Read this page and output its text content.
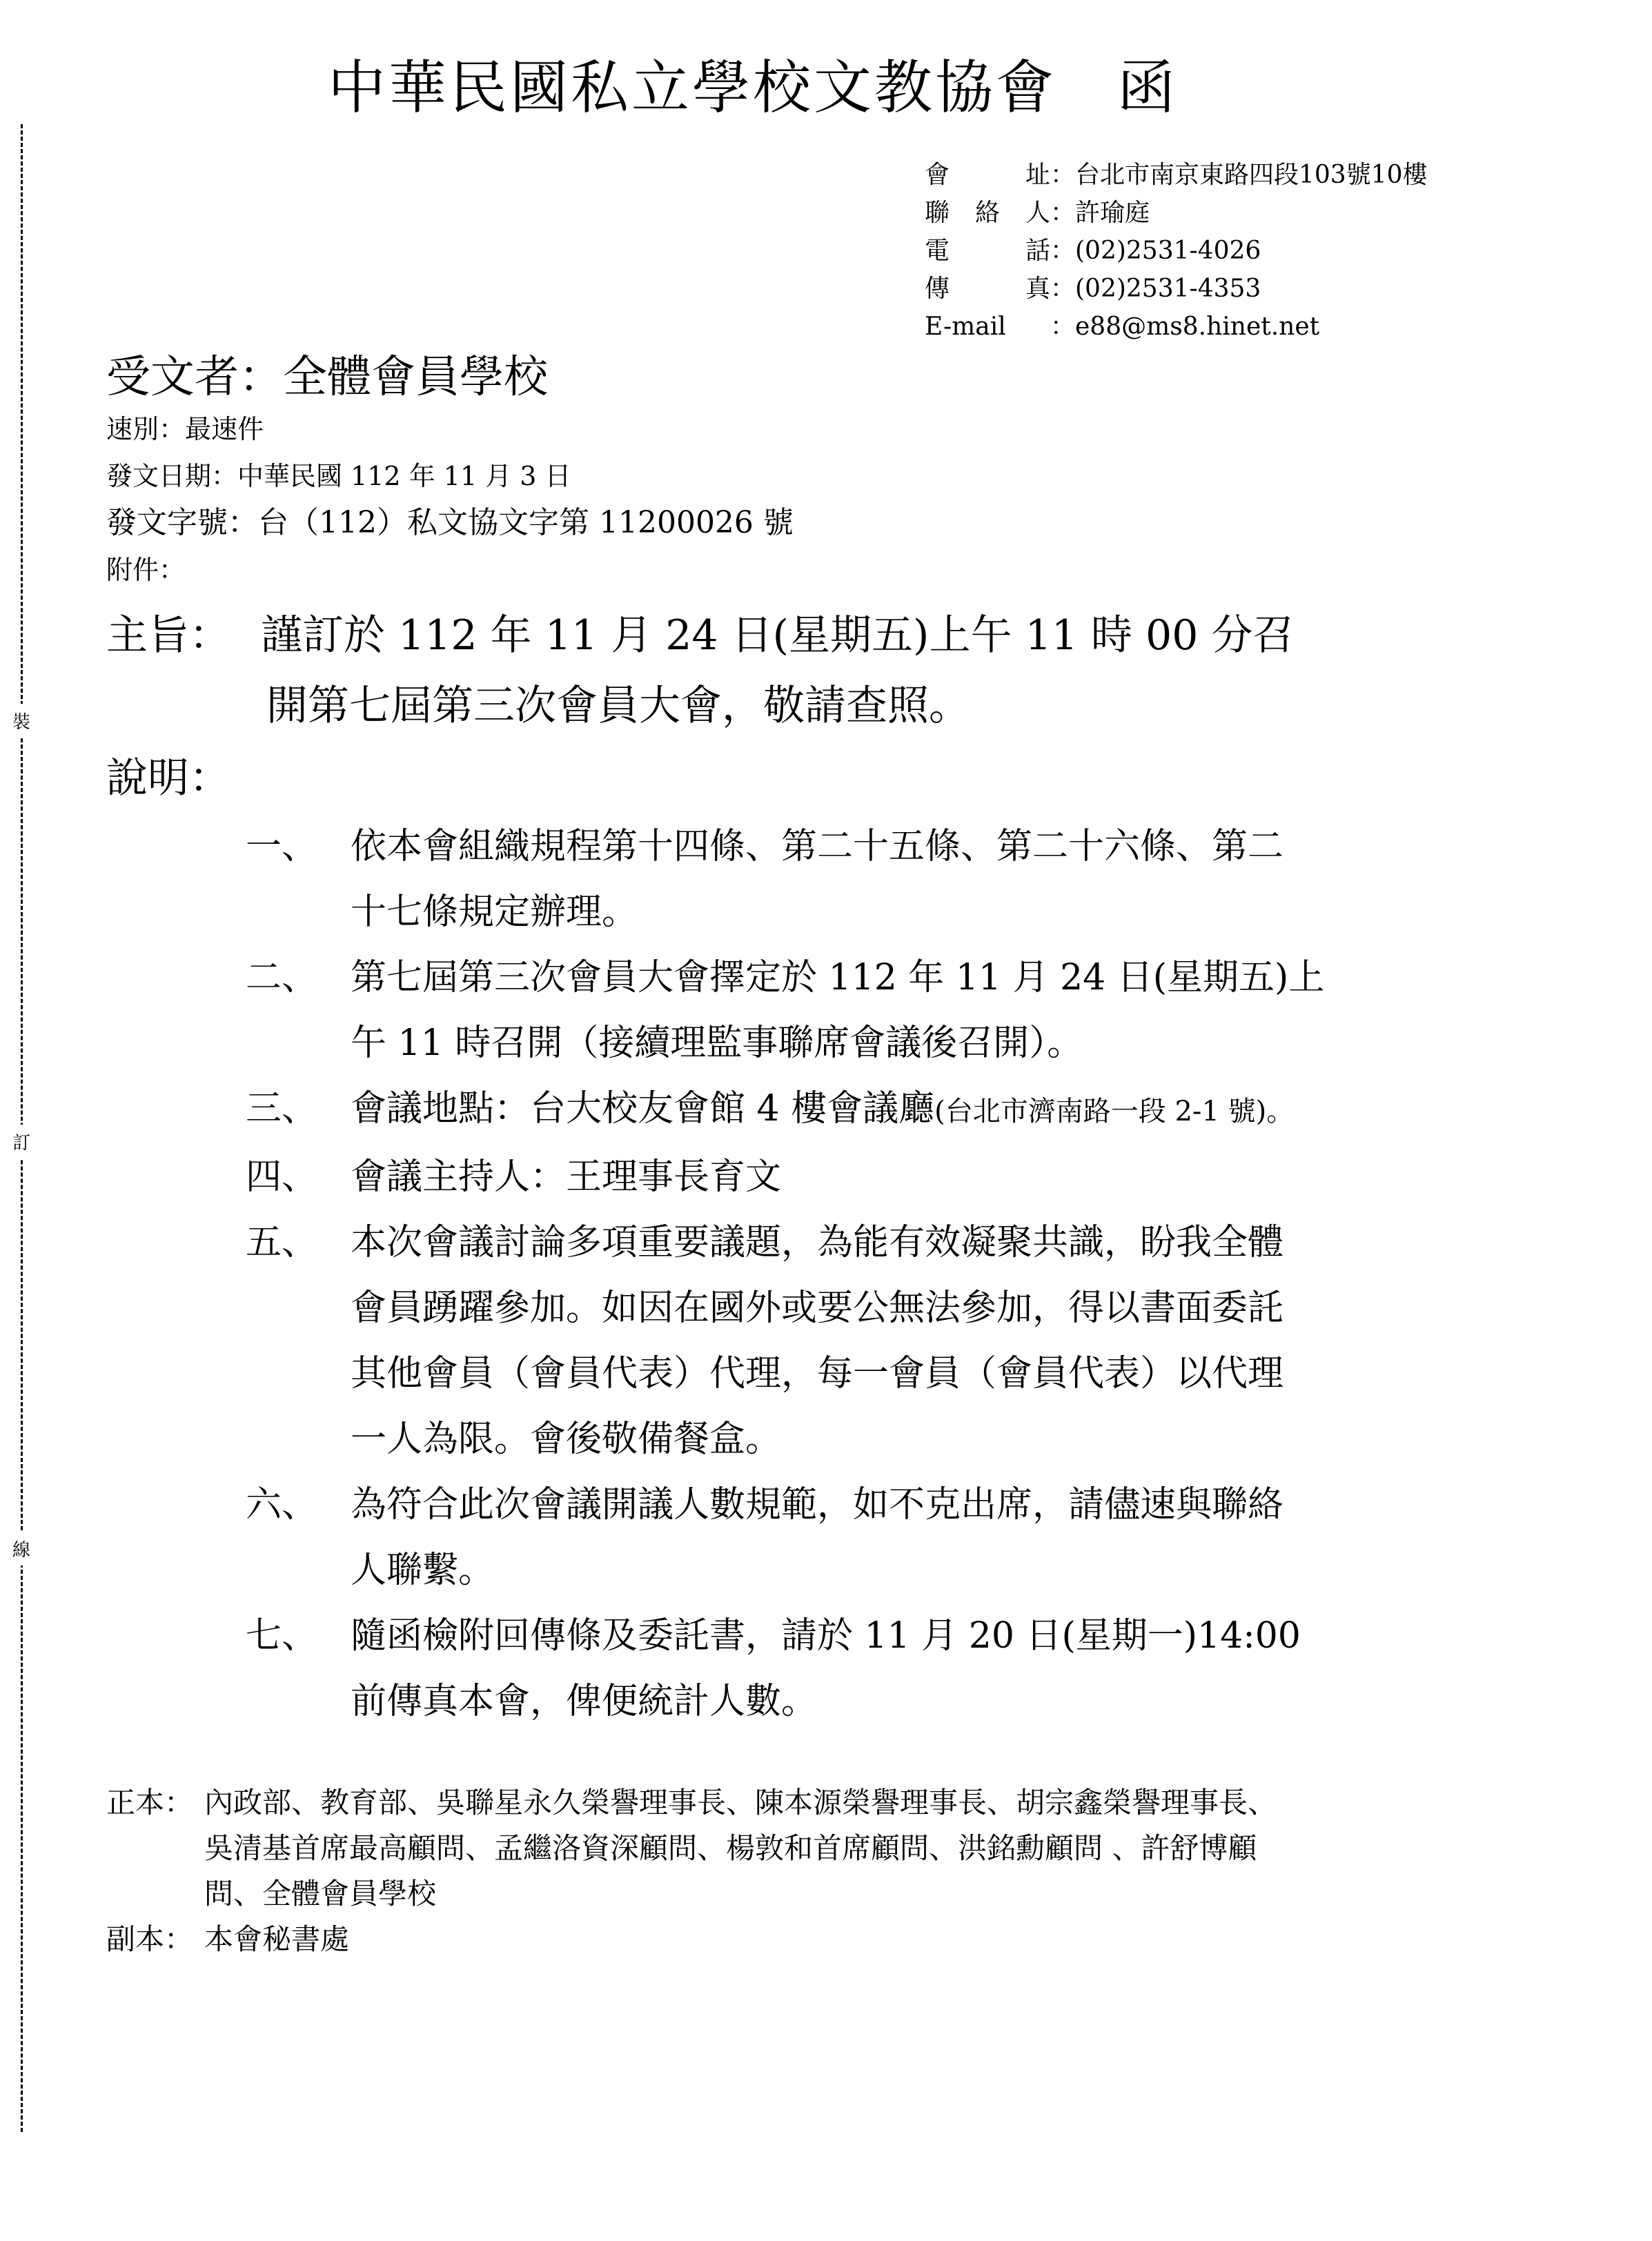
裝
訂
線
中華民國私立學校文教協會　函
會　址：台北市南京東路四段103號10樓
聯絡人：許瑜庭
電　話：(02)2531-4026
傳　真：(02)2531-4353
E-mail ：e88@ms8.hinet.net
受文者：全體會員學校
速別：最速件
發文日期：中華民國 112 年 11 月 3 日
發文字號：台（112）私文協文字第 11200026 號
附件：
主旨： 謹訂於 112 年 11 月 24 日(星期五)上午 11 時 00 分召
開第七屆第三次會員大會，敬請查照。
說明：
一、 依本會組織規程第十四條、第二十五條、第二十六條、第二
十七條規定辦理。
二、 第七屆第三次會員大會擇定於 112 年 11 月 24 日(星期五)上
午 11 時召開（接續理監事聯席會議後召開）。
三、 會議地點：台大校友會館 4 樓會議廳(台北市濟南路一段 2-1 號)。
四、 會議主持人：王理事長育文
五、 本次會議討論多項重要議題，為能有效凝聚共識，盼我全體
會員踴躍參加。如因在國外或要公無法參加，得以書面委託
其他會員（會員代表）代理，每一會員（會員代表）以代理
一人為限。會後敬備餐盒。
六、 為符合此次會議開議人數規範，如不克出席，請儘速與聯絡
人聯繫。
七、 隨函檢附回傳條及委託書，請於 11 月 20 日(星期一)14:00
前傳真本會，俾便統計人數。
正本： 內政部、教育部、吳聯星永久榮譽理事長、陳本源榮譽理事長、胡宗鑫榮譽理事長、
吳清基首席最高顧問、孟繼洛資深顧問、楊敦和首席顧問、洪銘勳顧問 、許舒博顧
問、全體會員學校
副本： 本會秘書處
